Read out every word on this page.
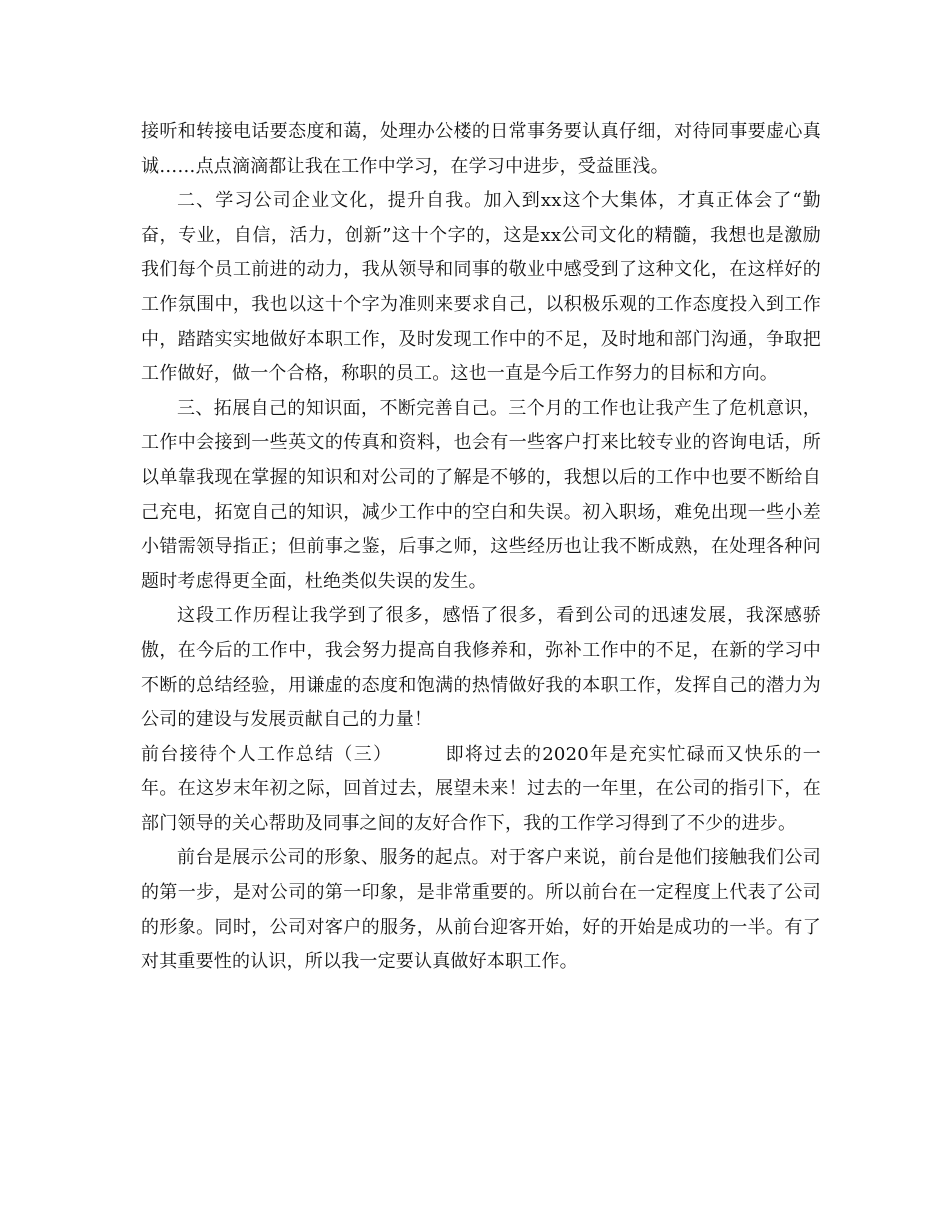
接听和转接电话要态度和蔼，处理办公楼的日常事务要认真仔细，对待同事要虚心真诚……点点滴滴都让我在工作中学习，在学习中进步，受益匪浅。

二、学习公司企业文化，提升自我。加入到xx这个大集体，才真正体会了“勤奋，专业，自信，活力，创新”这十个字的，这是xx公司文化的精髓，我想也是激励我们每个员工前进的动力，我从领导和同事的敬业中感受到了这种文化，在这样好的工作氛围中，我也以这十个字为准则来要求自己，以积极乐观的工作态度投入到工作中，踏踏实实地做好本职工作，及时发现工作中的不足，及时地和部门沟通，争取把工作做好，做一个合格，称职的员工。这也一直是今后工作努力的目标和方向。

三、拓展自己的知识面，不断完善自己。三个月的工作也让我产生了危机意识，工作中会接到一些英文的传真和资料，也会有一些客户打来比较专业的咨询电话，所以单靠我现在掌握的知识和对公司的了解是不够的，我想以后的工作中也要不断给自己充电，拓宽自己的知识，减少工作中的空白和失误。初入职场，难免出现一些小差小错需领导指正；但前事之鉴，后事之师，这些经历也让我不断成熟，在处理各种问题时考虑得更全面，杜绝类似失误的发生。

这段工作历程让我学到了很多，感悟了很多，看到公司的迅速发展，我深感骄傲，在今后的工作中，我会努力提高自我修养和，弥补工作中的不足，在新的学习中不断的总结经验，用谦虚的态度和饱满的热情做好我的本职工作，发挥自己的潜力为公司的建设与发展贡献自己的力量！

前台接待个人工作总结（三）	即将过去的2020年是充实忙碌而又快乐的一年。在这岁末年初之际，回首过去，展望未来！过去的一年里，在公司的指引下，在部门领导的关心帮助及同事之间的友好合作下，我的工作学习得到了不少的进步。

前台是展示公司的形象、服务的起点。对于客户来说，前台是他们接触我们公司的第一步，是对公司的第一印象，是非常重要的。所以前台在一定程度上代表了公司的形象。同时，公司对客户的服务，从前台迎客开始，好的开始是成功的一半。有了对其重要性的认识，所以我一定要认真做好本职工作。
